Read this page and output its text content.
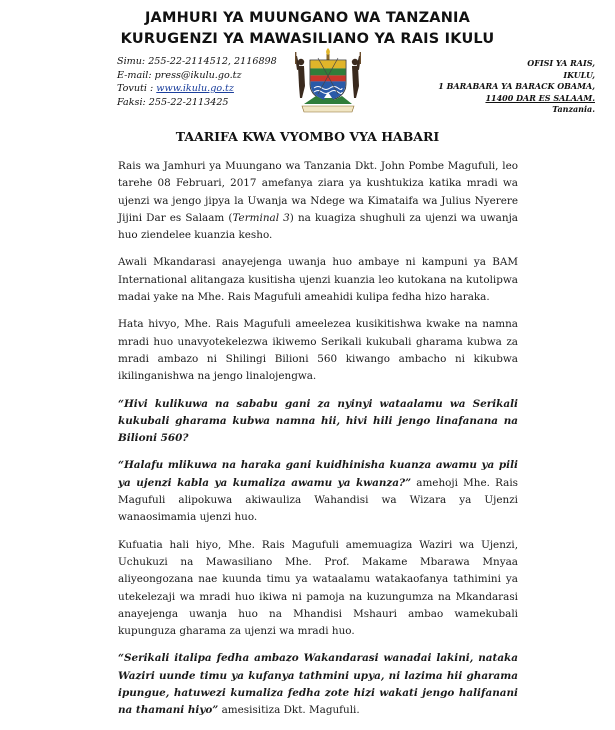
JAMHURI YA MUUNGANO WA TANZANIA
KURUGENZI YA MAWASILIANO YA RAIS IKULU
Simu: 255-22-2114512, 2116898
E-mail: press@ikulu.go.tz
Tovuti : www.ikulu.go.tz
Faksi: 255-22-2113425
OFISI YA RAIS,
IKULU,
1 BARABARA YA BARACK OBAMA,
11400 DAR ES SALAAM.
Tanzania.
TAARIFA KWA VYOMBO VYA HABARI

Rais wa Jamhuri ya Muungano wa Tanzania Dkt. John Pombe Magufuli, leo tarehe 08 Februari, 2017 amefanya ziara ya kushtukiza katika mradi wa ujenzi wa jengo jipya la Uwanja wa Ndege wa Kimataifa wa Julius Nyerere Jijini Dar es Salaam (Terminal 3) na kuagiza shughuli za ujenzi wa uwanja huo ziendelee kuanzia kesho.

Awali Mkandarasi anayejenga uwanja huo ambaye ni kampuni ya BAM International alitangaza kusitisha ujenzi kuanzia leo kutokana na kutolipwa madai yake na Mhe. Rais Magufuli ameahidi kulipa fedha hizo haraka.

Hata hivyo, Mhe. Rais Magufuli ameelezea kusikitishwa kwake na namna mradi huo unavyotekelezwa ikiwemo Serikali kukubali gharama kubwa za mradi ambazo ni Shilingi Bilioni 560 kiwango ambacho ni kikubwa ikilinganishwa na jengo linalojengwa.

“Hivi kulikuwa na sababu gani za nyinyi wataalamu wa Serikali kukubali gharama kubwa namna hii, hivi hili jengo linafanana na Bilioni 560?

“Halafu mlikuwa na haraka gani kuidhinisha kuanza awamu ya pili ya ujenzi kabla ya kumaliza awamu ya kwanza?” amehoji Mhe. Rais Magufuli alipokuwa akiwauliza Wahandisi wa Wizara ya Ujenzi wanaosimamia ujenzi huo.

Kufuatia hali hiyo, Mhe. Rais Magufuli amemuagiza Waziri wa Ujenzi, Uchukuzi na Mawasiliano Mhe. Prof. Makame Mbarawa Mnyaa aliyeongozana nae kuunda timu ya wataalamu watakaofanya tathimini ya utekelezaji wa mradi huo ikiwa ni pamoja na kuzungumza na Mkandarasi anayejenga uwanja huo na Mhandisi Mshauri ambao wamekubali kupunguza gharama za ujenzi wa mradi huo.

“Serikali italipa fedha ambazo Wakandarasi wanadai lakini, nataka Waziri uunde timu ya kufanya tathmini upya, ni lazima hii gharama ipungue, hatuwezi kumaliza fedha zote hizi wakati jengo halifanani na thamani hiyo” amesisitiza Dkt. Magufuli.
